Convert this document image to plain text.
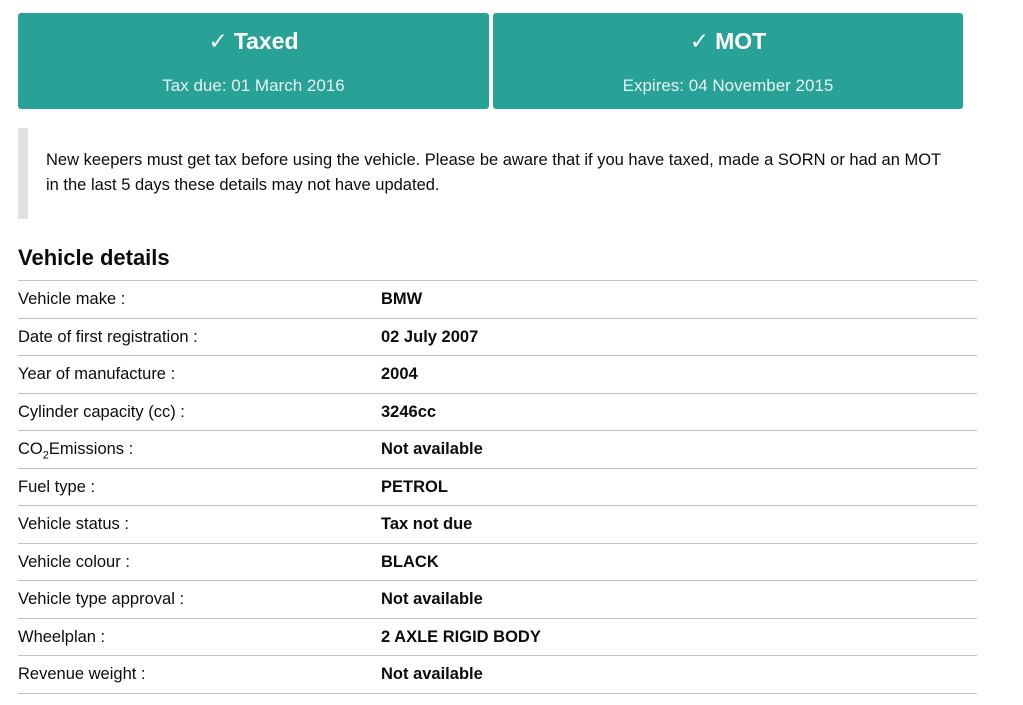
✓ Taxed
Tax due: 01 March 2016
✓ MOT
Expires: 04 November 2015
New keepers must get tax before using the vehicle. Please be aware that if you have taxed, made a SORN or had an MOT in the last 5 days these details may not have updated.
Vehicle details
Vehicle make :	BMW
Date of first registration :	02 July 2007
Year of manufacture :	2004
Cylinder capacity (cc) :	3246cc
$CO_2Emissions$ :	Not available
Fuel type :	PETROL
Vehicle status :	Tax not due
Vehicle colour :	BLACK
Vehicle type approval :	Not available
Wheelplan :	2 AXLE RIGID BODY
Revenue weight :	Not available
